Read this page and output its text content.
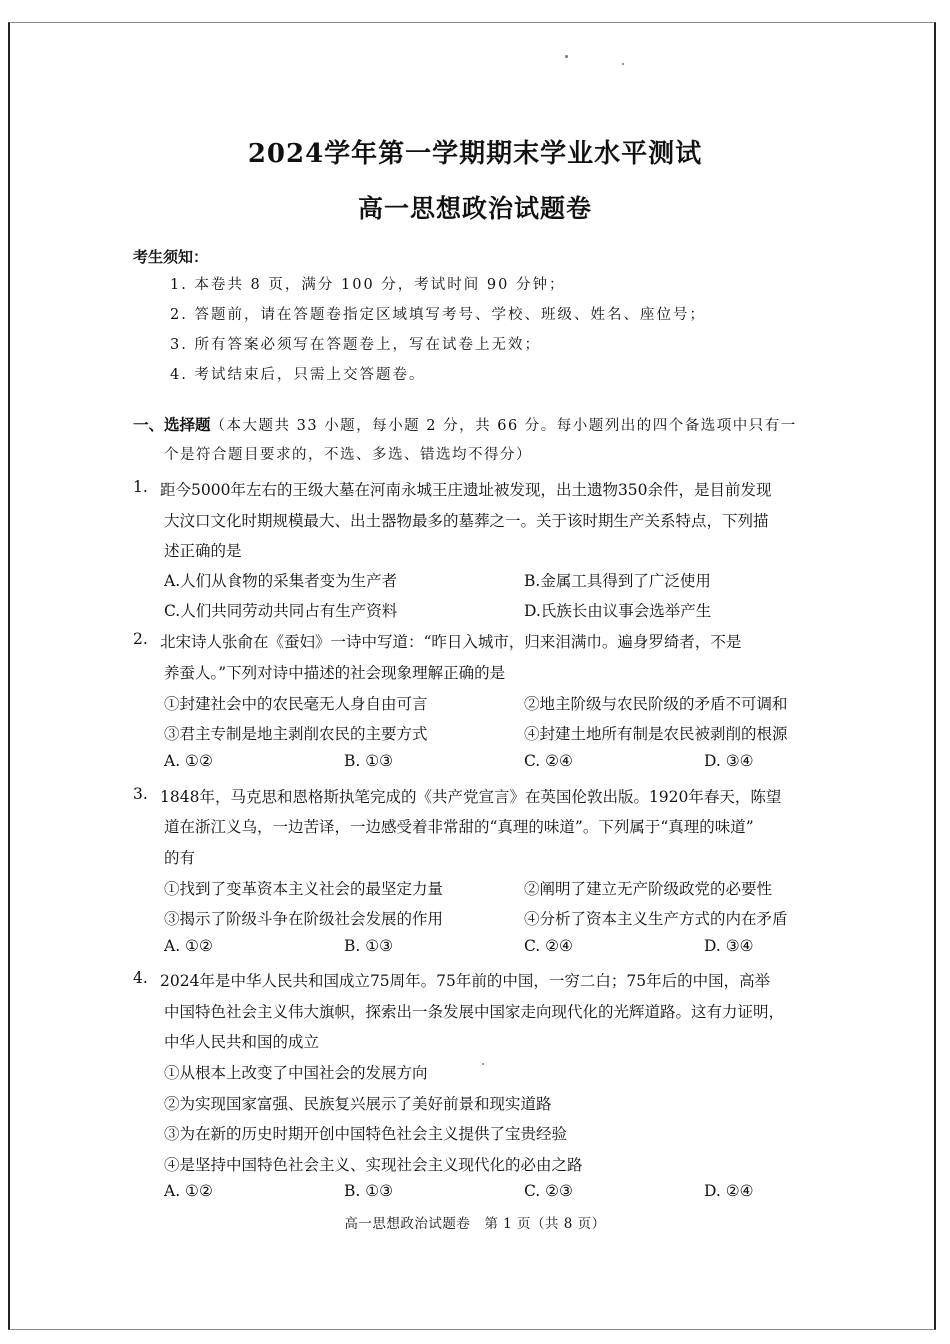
2024学年第一学期期末学业水平测试
高一思想政治试题卷
考生须知：
1. 本卷共 8 页，满分 100 分，考试时间 90 分钟；
2. 答题前，请在答题卷指定区域填写考号、学校、班级、姓名、座位号；
3. 所有答案必须写在答题卷上，写在试卷上无效；
4. 考试结束后，只需上交答题卷。
一、选择题（本大题共 33 小题，每小题 2 分，共 66 分。每小题列出的四个备选项中只有一
个是符合题目要求的，不选、多选、错选均不得分）
1. 距今5000年左右的王级大墓在河南永城王庄遗址被发现，出土遗物350余件，是目前发现
大汶口文化时期规模最大、出土器物最多的墓葬之一。关于该时期生产关系特点，下列描
述正确的是
A.人们从食物的采集者变为生产者	B.金属工具得到了广泛使用
C.人们共同劳动共同占有生产资料	D.氏族长由议事会选举产生
2. 北宋诗人张俞在《蚕妇》一诗中写道：“昨日入城市，归来泪满巾。遍身罗绮者，不是
养蚕人。”下列对诗中描述的社会现象理解正确的是
①封建社会中的农民毫无人身自由可言	②地主阶级与农民阶级的矛盾不可调和
③君主专制是地主剥削农民的主要方式	④封建土地所有制是农民被剥削的根源
A. ①②	B. ①③	C. ②④	D. ③④
3. 1848年，马克思和恩格斯执笔完成的《共产党宣言》在英国伦敦出版。1920年春天，陈望
道在浙江义乌，一边苦译，一边感受着非常甜的“真理的味道”。下列属于“真理的味道”
的有
①找到了变革资本主义社会的最坚定力量	②阐明了建立无产阶级政党的必要性
③揭示了阶级斗争在阶级社会发展的作用	④分析了资本主义生产方式的内在矛盾
A. ①②	B. ①③	C. ②④	D. ③④
4. 2024年是中华人民共和国成立75周年。75年前的中国，一穷二白；75年后的中国，高举
中国特色社会主义伟大旗帜，探索出一条发展中国家走向现代化的光辉道路。这有力证明，
中华人民共和国的成立
①从根本上改变了中国社会的发展方向
②为实现国家富强、民族复兴展示了美好前景和现实道路
③为在新的历史时期开创中国特色社会主义提供了宝贵经验
④是坚持中国特色社会主义、实现社会主义现代化的必由之路
A. ①②	B. ①③	C. ②③	D. ②④
高一思想政治试题卷　第 1 页（共 8 页）
